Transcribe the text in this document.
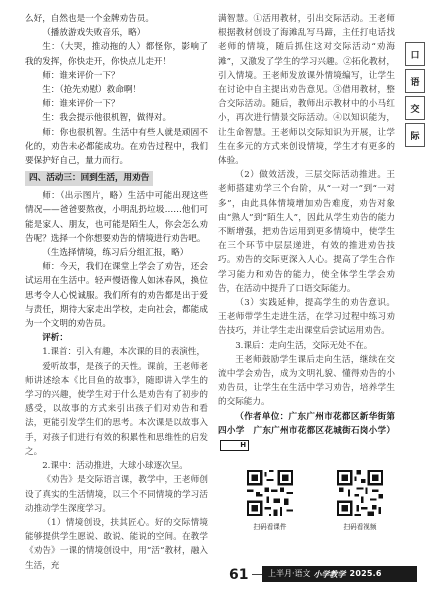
么好，自然也是一个金牌劝告员。

（播放游戏失败音乐，略）

生：（大哭，推动拖的人）都怪你，影响了我的发挥，你快走开，你快点儿走开！

师：谁来评价一下？

生：（抢先劝慰）救命啊！

师：谁来评价一下？

生：我会提示他很机智，做得对。

师：你也很机智。生活中有些人就是顽固不化的，劝告未必都能成功。在劝告过程中，我们要保护好自己，量力而行。

四、活动三：回到生活，用劝告

师：（出示图片，略）生活中可能出现这些情况——爸爸要熬夜，小明乱扔垃圾……他们可能是家人、朋友，也可能是陌生人，你会怎么劝告呢？选择一个你想要劝告的情境进行劝告吧。

（生选择情境，练习后分组汇报，略）

师：今天，我们在课堂上学会了劝告，还会试运用在生活中。轻声慢语像人如沐春风，换位思考令人心悦诚服。我们所有的劝告都是出于爱与责任，期待大家走出学校，走向社会，都能成为一个文明的劝告员。

评析：

1.课首：引入有趣，本次课的目的表演性，

爱听故事，是孩子的天性。课前，王老师老师讲述绘本《比目鱼的故事》，随即讲入学生的学习的兴趣，使学生对于什么是劝告有了初步的感受，以故事的方式来引出孩子们对劝告和看法，更能引发学生们的思考。本次课是以故事入手，对孩子们进行有效的积累性和思维性的启发之。

2.课中：活动推进，大球小球逐次呈。

《劝告》是交际语言课，教学中，王老师创设了真实的生活情境，以三个不同情境的学习活动推动学生深度学习。

（1）情境创设，扶其匠心。好的交际情境能够提供学生愿说、敢说、能说的空间。在教学《劝告》一课的情境创设中，用“活”教材，融入生活，充

满智慧。①活用教材，引出交际活动。王老师根据教材创设了海滩乱写马蹄，主任打电话找老师的情境，随后抓住这对交际活动“劝海滩”，又激发了学生的学习兴趣。②拓化教材，引入情境。王老师发放课外情境编写，让学生在讨论中自主提出劝告意见。③借用教材，整合交际活动。随后，教师出示教材中的小马红小，再次进行情景交际活动。④以知识能为，让生命智慧。王老师以交际知识为开展，让学生在多元的方式来创设情境，学生才有更多的体验。

（2）做效活泼，三层交际活动推进。王老师搭建劝学三个台阶，从“一对一”到“一对多”，由此具体情境增加劝告难度，劝告对象由“熟人”到“陌生人”，因此从学生劝告的能力不断增强，把劝告运用到更多情境中，使学生在三个环节中层层递进，有效的推进劝告技巧。劝告的交际更深入人心。提高了学生合作学习能力和劝告的能力，使全体学生学会劝告，在活动中提升了口语交际能力。

（3）实践延伸，提高学生的劝告意识。王老师带学生走进生活，在学习过程中练习劝告技巧，并让学生走出课堂后尝试运用劝告。

3.课后：走向生活，交际无处不在。

王老师鼓励学生课后走向生活，继续在交流中学会劝告，成为文明礼貌、懂得劝告的小劝告员，让学生在生活中学习劝告，培养学生的交际能力。

（作者单位：广东广州市花都区新华街第四小学　广东广州市花都区花城街石岗小学）H

口
语
交
际
扫码看课件	扫码看视频
61 上半月·语文 小学教学 2025.6
